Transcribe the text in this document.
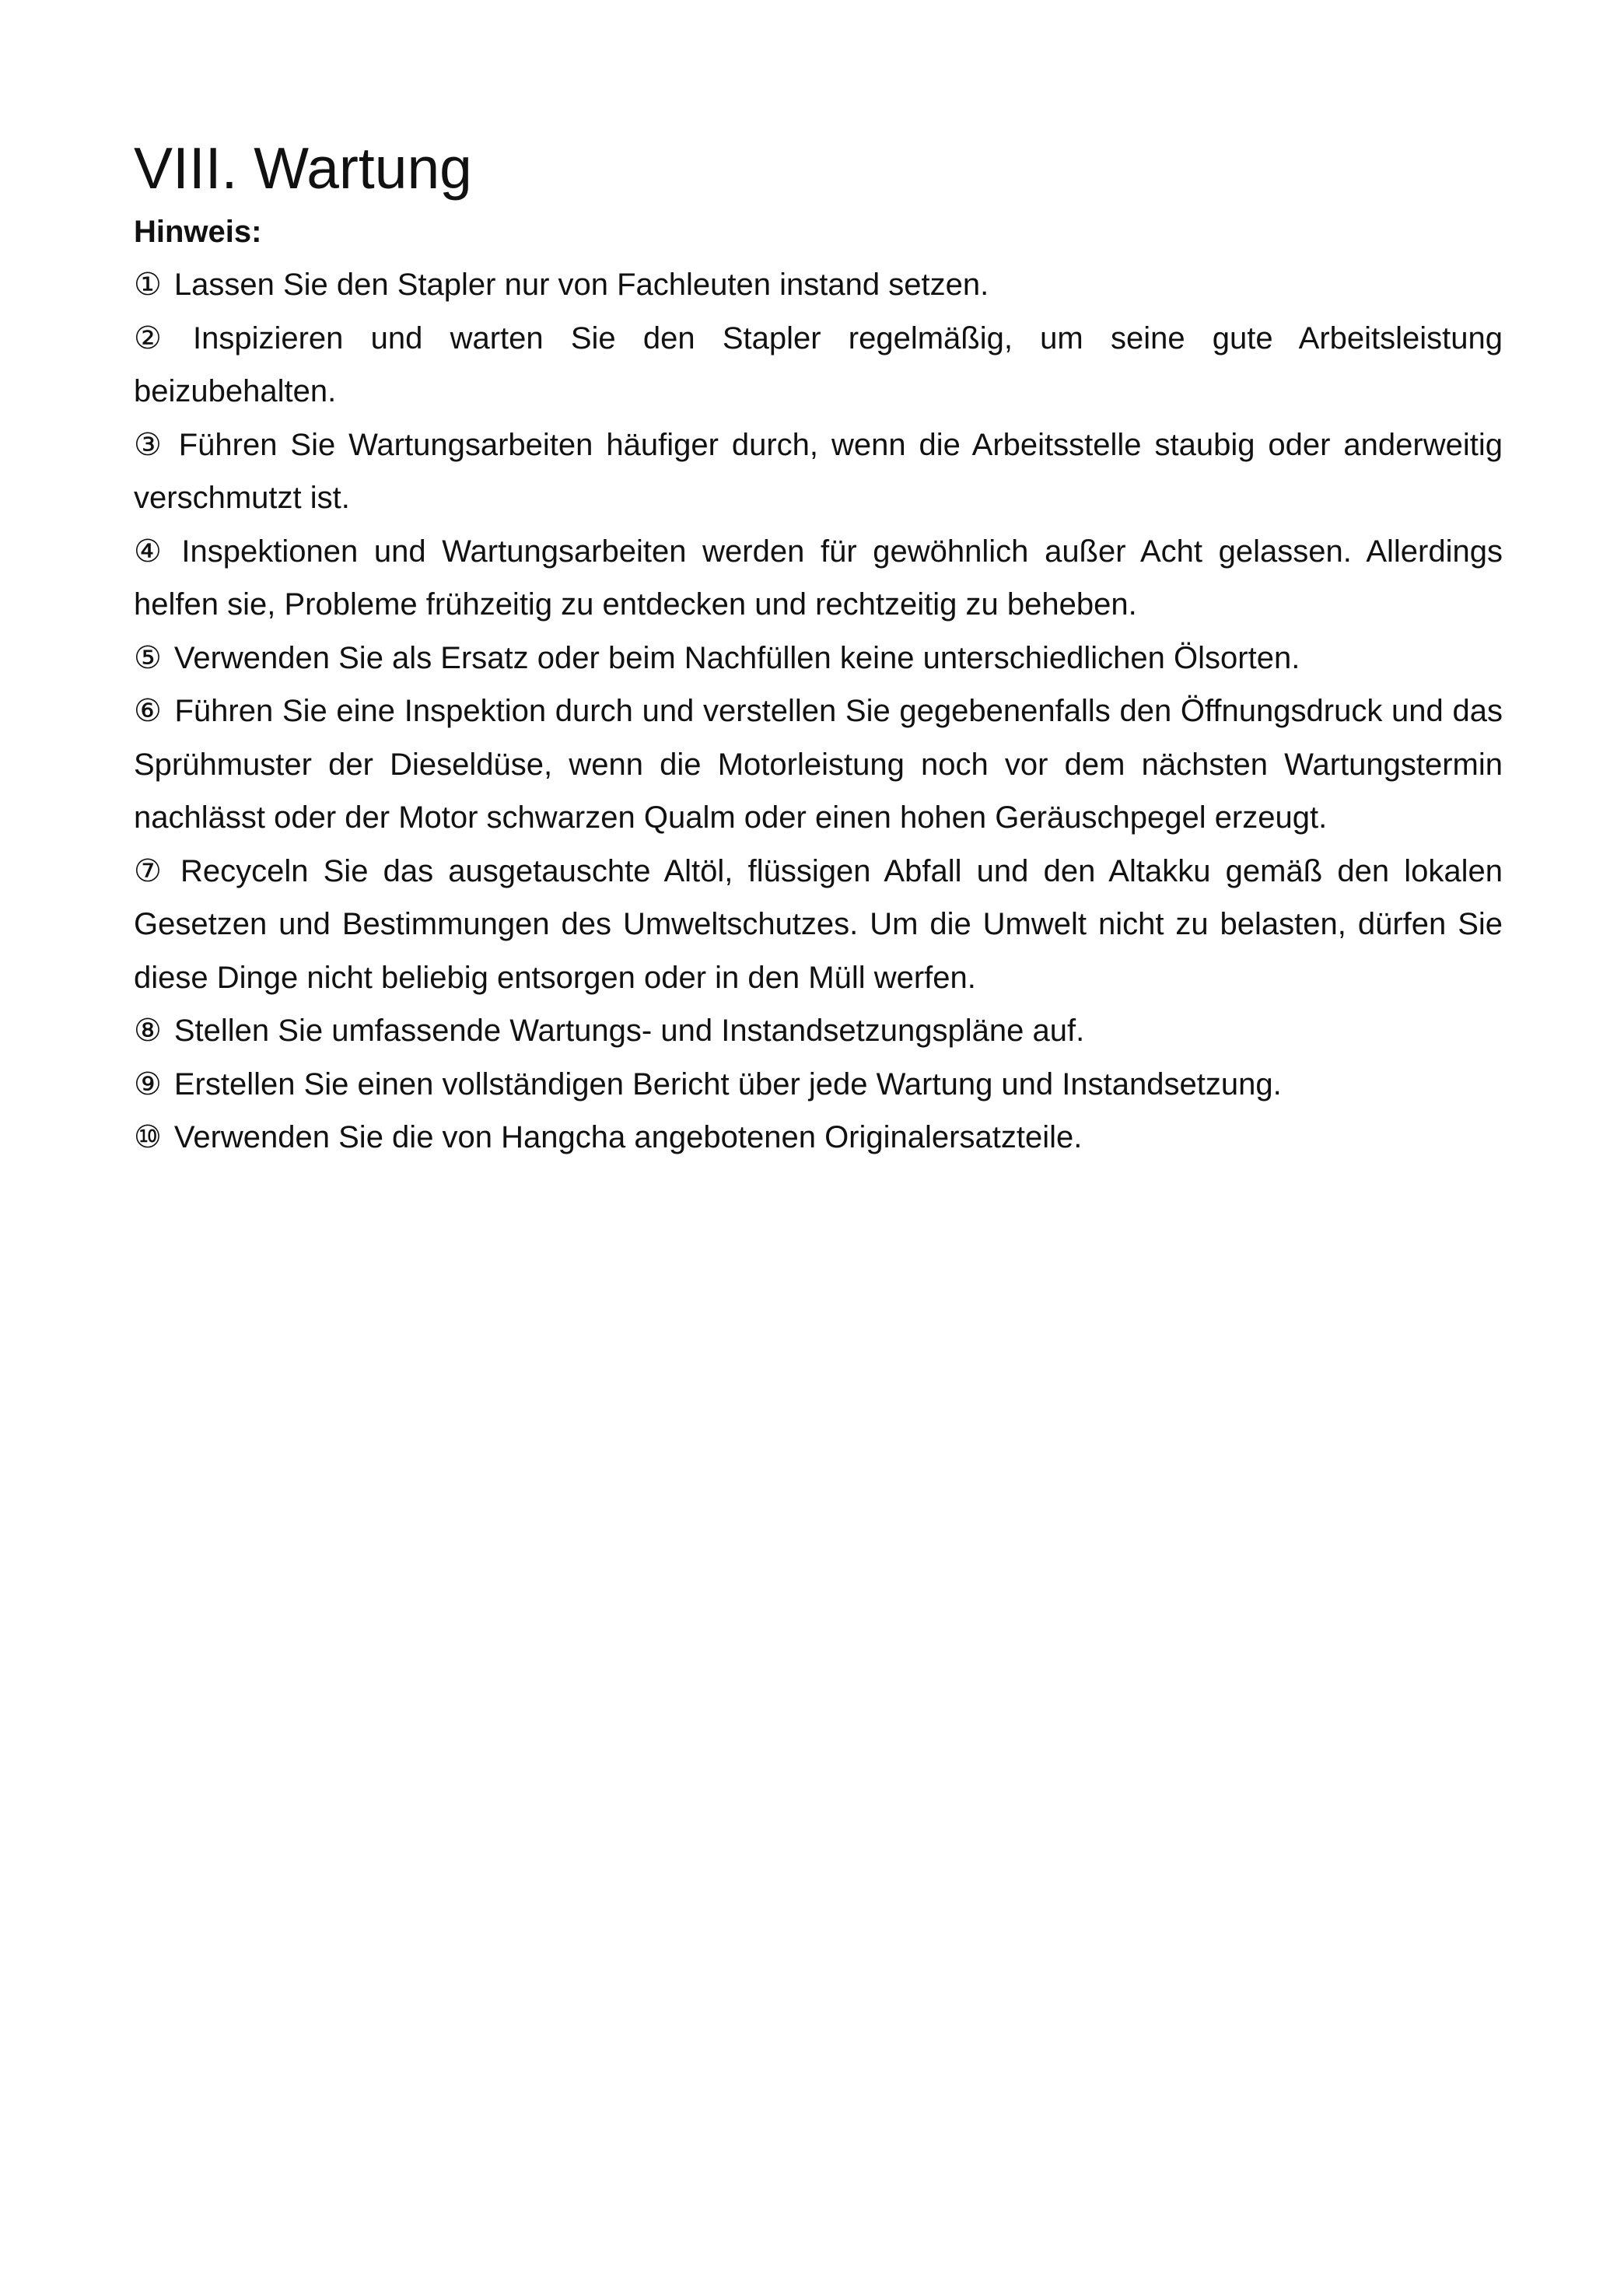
VIII. Wartung

Hinweis:

① Lassen Sie den Stapler nur von Fachleuten instand setzen.
② Inspizieren und warten Sie den Stapler regelmäßig, um seine gute Arbeitsleistung beizubehalten.
③ Führen Sie Wartungsarbeiten häufiger durch, wenn die Arbeitsstelle staubig oder anderweitig verschmutzt ist.
④ Inspektionen und Wartungsarbeiten werden für gewöhnlich außer Acht gelassen. Allerdings helfen sie, Probleme frühzeitig zu entdecken und rechtzeitig zu beheben.
⑤ Verwenden Sie als Ersatz oder beim Nachfüllen keine unterschiedlichen Ölsorten.
⑥ Führen Sie eine Inspektion durch und verstellen Sie gegebenenfalls den Öffnungsdruck und das Sprühmuster der Dieseldüse, wenn die Motorleistung noch vor dem nächsten Wartungstermin nachlässt oder der Motor schwarzen Qualm oder einen hohen Geräuschpegel erzeugt.
⑦ Recyceln Sie das ausgetauschte Altöl, flüssigen Abfall und den Altakku gemäß den lokalen Gesetzen und Bestimmungen des Umweltschutzes. Um die Umwelt nicht zu belasten, dürfen Sie diese Dinge nicht beliebig entsorgen oder in den Müll werfen.
⑧ Stellen Sie umfassende Wartungs- und Instandsetzungspläne auf.
⑨ Erstellen Sie einen vollständigen Bericht über jede Wartung und Instandsetzung.
⑩ Verwenden Sie die von Hangcha angebotenen Originalersatzteile.
